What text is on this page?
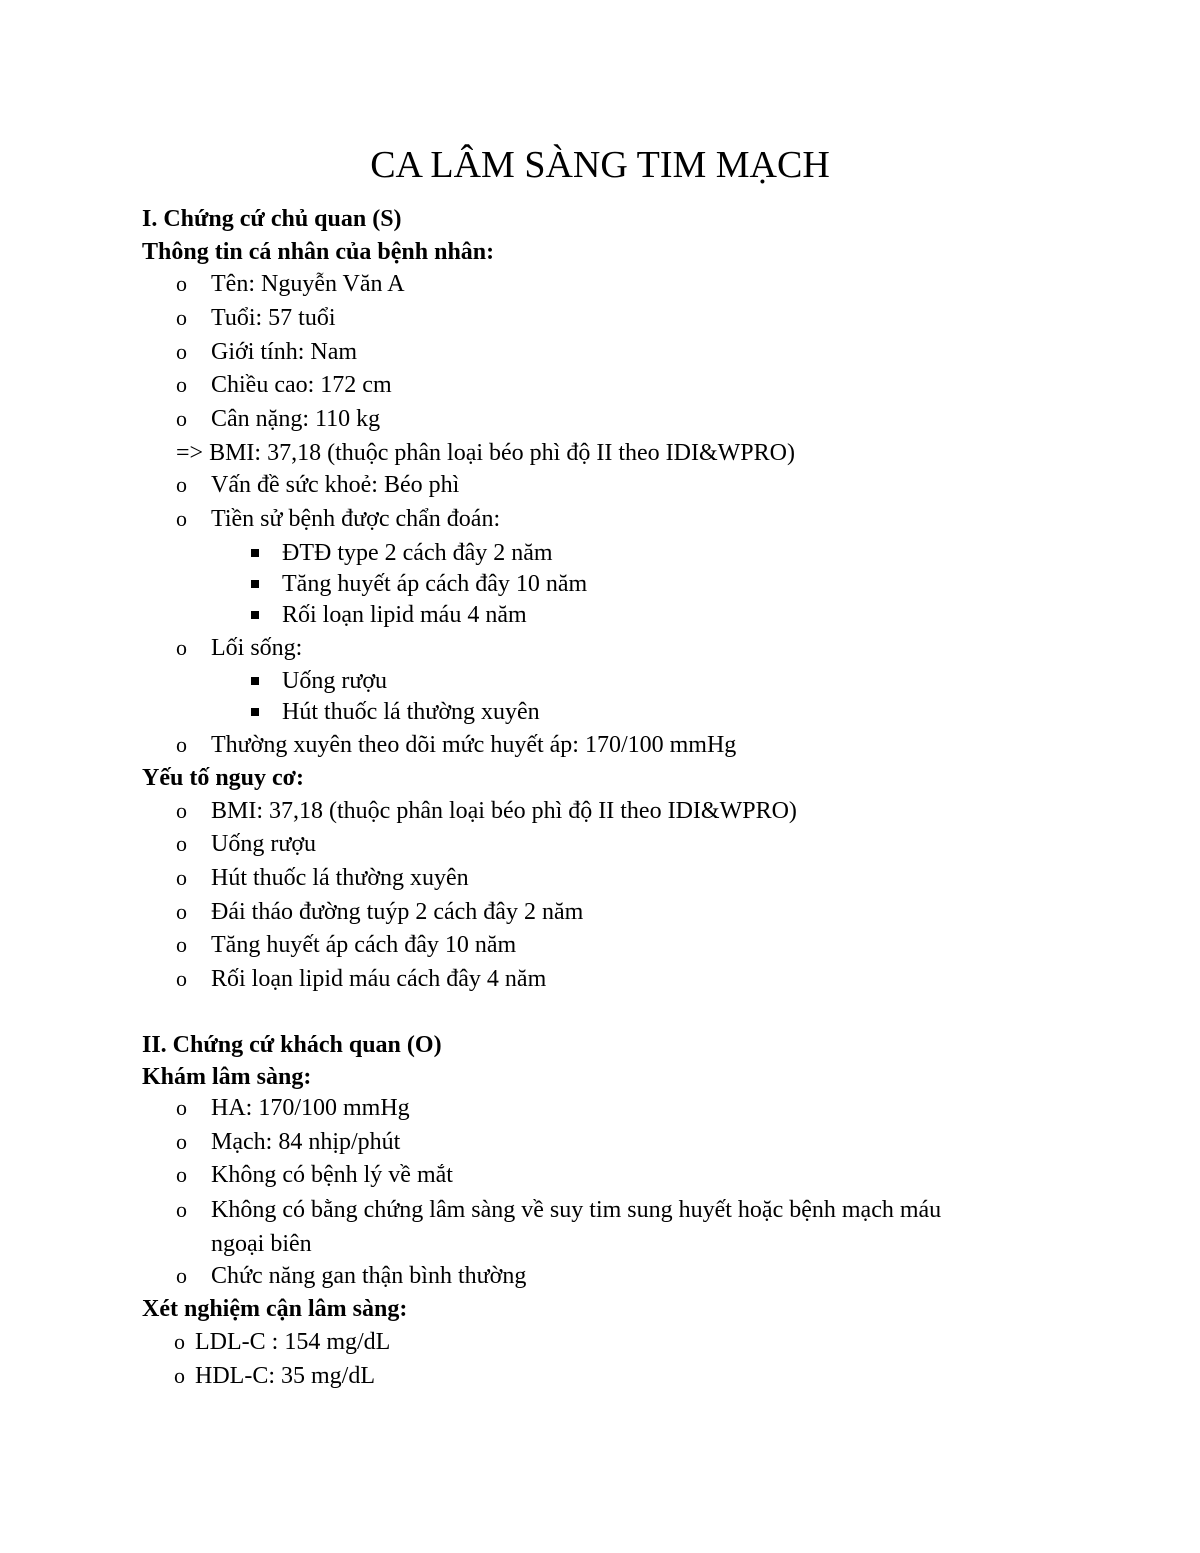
CA LÂM SÀNG TIM MẠCH
I. Chứng cứ chủ quan (S)
Thông tin cá nhân của bệnh nhân:
o Tên: Nguyễn Văn A
o Tuổi: 57 tuổi
o Giới tính: Nam
o Chiều cao: 172 cm
o Cân nặng: 110 kg
=> BMI: 37,18 (thuộc phân loại béo phì độ II theo IDI&WPRO)
o Vấn đề sức khoẻ: Béo phì
o Tiền sử bệnh được chẩn đoán:
ĐTĐ type 2 cách đây 2 năm
Tăng huyết áp cách đây 10 năm
Rối loạn lipid máu 4 năm
o Lối sống:
Uống rượu
Hút thuốc lá thường xuyên
o Thường xuyên theo dõi mức huyết áp: 170/100 mmHg
Yếu tố nguy cơ:
o BMI: 37,18 (thuộc phân loại béo phì độ II theo IDI&WPRO)
o Uống rượu
o Hút thuốc lá thường xuyên
o Đái tháo đường tuýp 2 cách đây 2 năm
o Tăng huyết áp cách đây 10 năm
o Rối loạn lipid máu cách đây 4 năm
II. Chứng cứ khách quan (O)
Khám lâm sàng:
o HA: 170/100 mmHg
o Mạch: 84 nhịp/phút
o Không có bệnh lý về mắt
o Không có bằng chứng lâm sàng về suy tim sung huyết hoặc bệnh mạch máu
ngoại biên
o Chức năng gan thận bình thường
Xét nghiệm cận lâm sàng:
o LDL-C : 154 mg/dL
o HDL-C: 35 mg/dL
